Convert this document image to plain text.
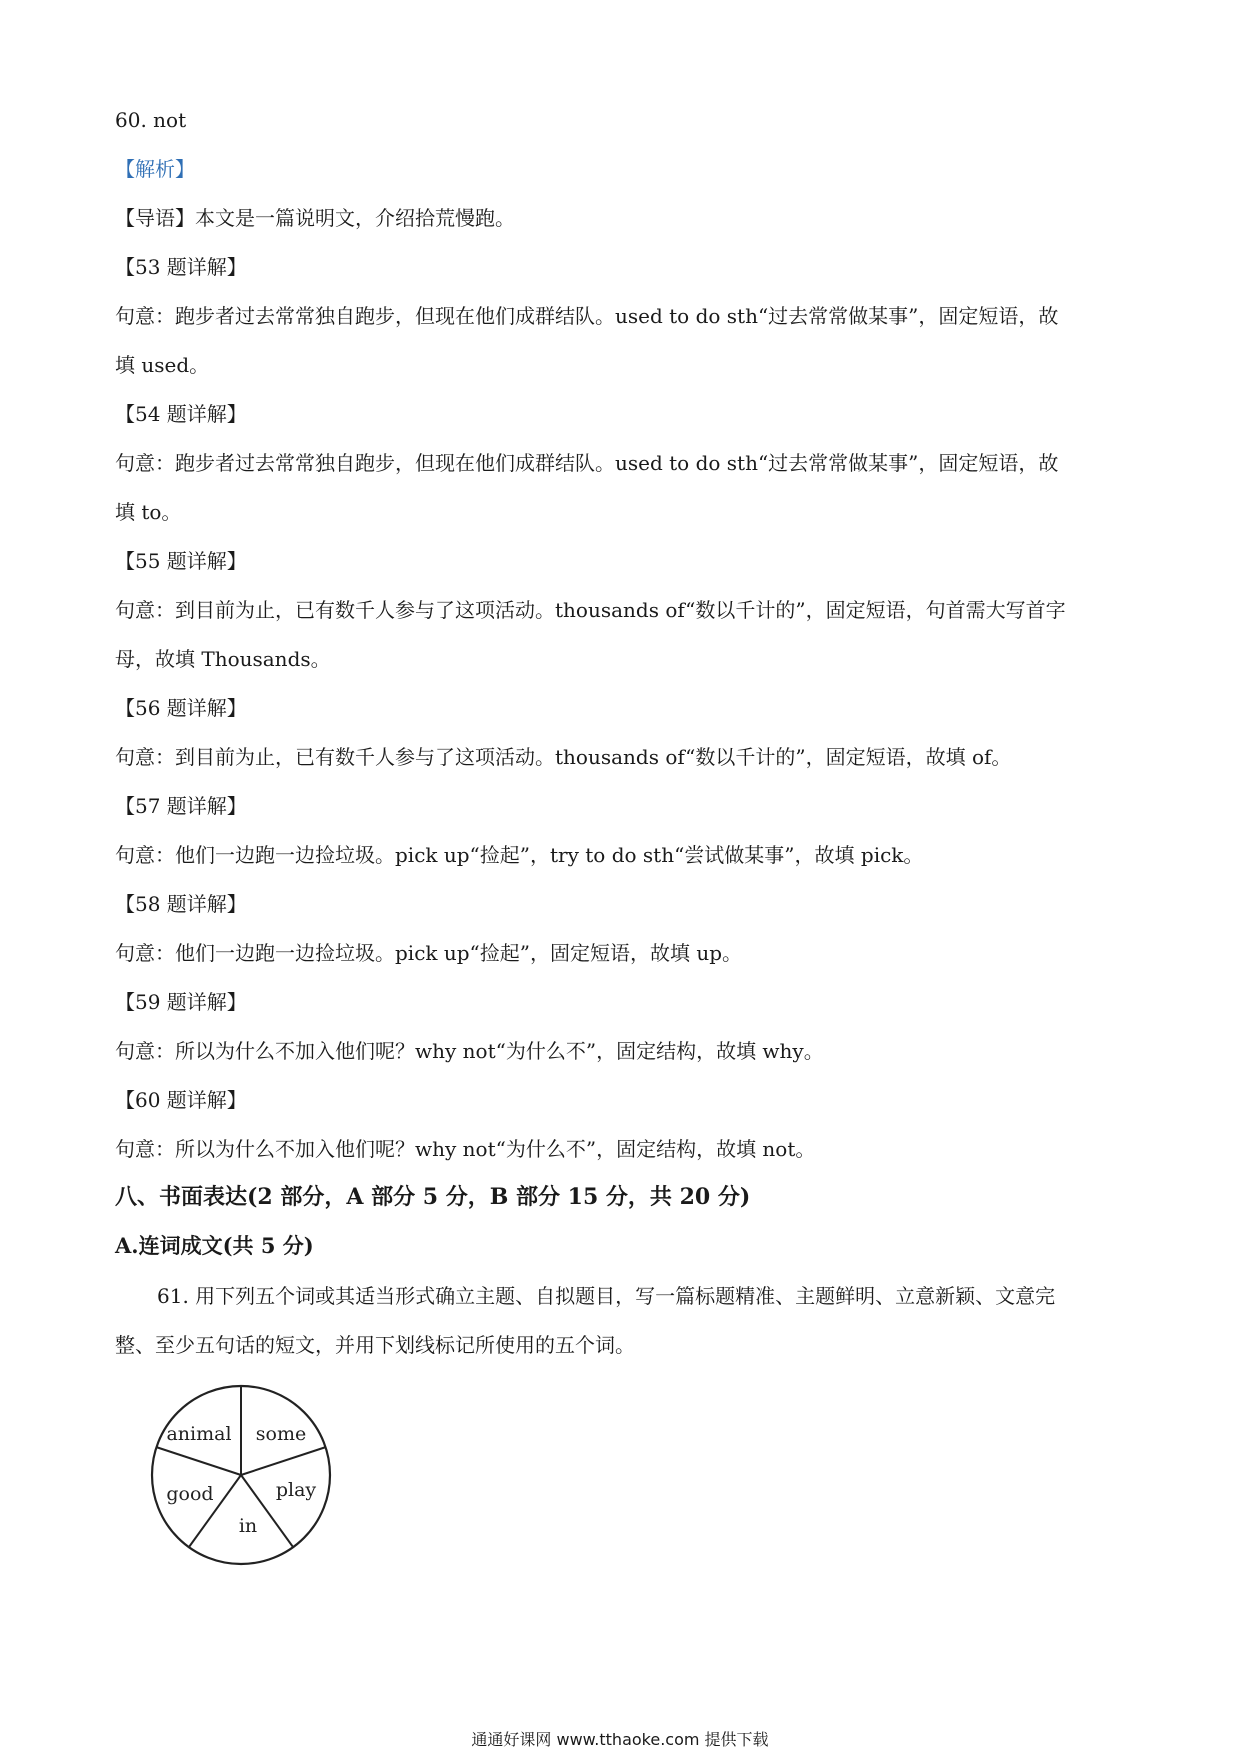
60. not
【解析】
【导语】本文是一篇说明文，介绍拾荒慢跑。
【53 题详解】
句意：跑步者过去常常独自跑步，但现在他们成群结队。used to do sth“过去常常做某事”，固定短语，故
填 used。
【54 题详解】
句意：跑步者过去常常独自跑步，但现在他们成群结队。used to do sth“过去常常做某事”，固定短语，故
填 to。
【55 题详解】
句意：到目前为止，已有数千人参与了这项活动。thousands of“数以千计的”，固定短语，句首需大写首字
母，故填 Thousands。
【56 题详解】
句意：到目前为止，已有数千人参与了这项活动。thousands of“数以千计的”，固定短语，故填 of。
【57 题详解】
句意：他们一边跑一边捡垃圾。pick up“捡起”，try to do sth“尝试做某事”，故填 pick。
【58 题详解】
句意：他们一边跑一边捡垃圾。pick up“捡起”，固定短语，故填 up。
【59 题详解】
句意：所以为什么不加入他们呢？why not“为什么不”，固定结构，故填 why。
【60 题详解】
句意：所以为什么不加入他们呢？why not“为什么不”，固定结构，故填 not。
八、书面表达(2 部分，A 部分 5 分，B 部分 15 分，共 20 分)
A.连词成文(共 5 分)
61. 用下列五个词或其适当形式确立主题、自拟题目，写一篇标题精准、主题鲜明、立意新颖、文意完
整、至少五句话的短文，并用下划线标记所使用的五个词。
animal some
play
in
good
通通好课网 www.tthaoke.com 提供下载
